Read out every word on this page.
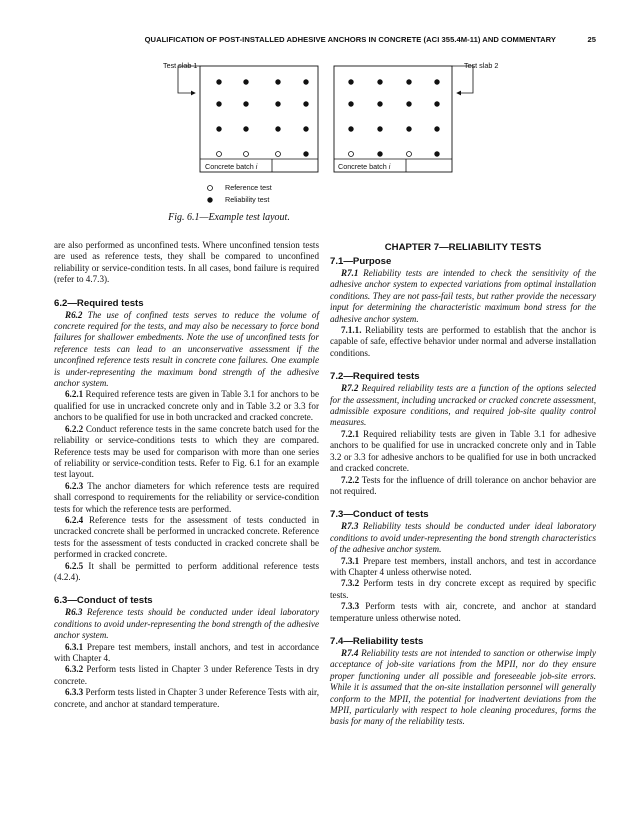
QUALIFICATION OF POST-INSTALLED ADHESIVE ANCHORS IN CONCRETE (ACI 355.4M-11) AND COMMENTARY	25
Test slab 1	Test slab 2
Concrete batch i	Concrete batch i
Reference test
Reliability test
Fig. 6.1—Example test layout.

are also performed as unconfined tests. Where unconfined tension tests are used as reference tests, they shall be compared to unconfined reliability or service-condition tests. In all cases, bond failure is required (refer to 4.7.3).

6.2—Required tests

R6.2 The use of confined tests serves to reduce the volume of concrete required for the tests, and may also be necessary to force bond failures for shallower embedments. Note the use of unconfined tests for reference tests can lead to an unconservative assessment if the unconfined reference tests result in concrete cone failures. One example is under-representing the maximum bond strength of the adhesive anchor system.

6.2.1 Required reference tests are given in Table 3.1 for anchors to be qualified for use in uncracked concrete only and in Table 3.2 or 3.3 for anchors to be qualified for use in both uncracked and cracked concrete.

6.2.2 Conduct reference tests in the same concrete batch used for the reliability or service-conditions tests to which they are compared. Reference tests may be used for comparison with more than one series of reliability or service-condition tests. Refer to Fig. 6.1 for an example test layout.

6.2.3 The anchor diameters for which reference tests are required shall correspond to requirements for the reliability or service-condition tests for which the reference tests are performed.

6.2.4 Reference tests for the assessment of tests conducted in uncracked concrete shall be performed in uncracked concrete. Reference tests for the assessment of tests conducted in cracked concrete shall be performed in cracked concrete.

6.2.5 It shall be permitted to perform additional reference tests (4.2.4).

6.3—Conduct of tests

R6.3 Reference tests should be conducted under ideal laboratory conditions to avoid under-representing the bond strength of the adhesive anchor system.

6.3.1 Prepare test members, install anchors, and test in accordance with Chapter 4.

6.3.2 Perform tests listed in Chapter 3 under Reference Tests in dry concrete.

6.3.3 Perform tests listed in Chapter 3 under Reference Tests with air, concrete, and anchor at standard temperature.

CHAPTER 7—RELIABILITY TESTS
7.1—Purpose

R7.1 Reliability tests are intended to check the sensitivity of the adhesive anchor system to expected variations from optimal installation conditions. They are not pass-fail tests, but rather provide the necessary input for determining the characteristic maximum bond stress for the adhesive anchor system.

7.1.1. Reliability tests are performed to establish that the anchor is capable of safe, effective behavior under normal and adverse installation conditions.

7.2—Required tests

R7.2 Required reliability tests are a function of the options selected for the assessment, including uncracked or cracked concrete assessment, admissible exposure conditions, and required job-site quality control measures.

7.2.1 Required reliability tests are given in Table 3.1 for adhesive anchors to be qualified for use in uncracked concrete only and in Table 3.2 or 3.3 for adhesive anchors to be qualified for use in both uncracked and cracked concrete.

7.2.2 Tests for the influence of drill tolerance on anchor behavior are not required.

7.3—Conduct of tests

R7.3 Reliability tests should be conducted under ideal laboratory conditions to avoid under-representing the bond strength characteristics of the adhesive anchor system.

7.3.1 Prepare test members, install anchors, and test in accordance with Chapter 4 unless otherwise noted.

7.3.2 Perform tests in dry concrete except as required by specific tests.

7.3.3 Perform tests with air, concrete, and anchor at standard temperature unless otherwise noted.

7.4—Reliability tests

R7.4 Reliability tests are not intended to sanction or otherwise imply acceptance of job-site variations from the MPII, nor do they ensure proper functioning under all possible and foreseeable job-site errors. While it is assumed that the on-site installation personnel will generally conform to the MPII, the potential for inadvertent deviations from the MPII, particularly with respect to hole cleaning procedures, forms the basis for many of the reliability tests.
